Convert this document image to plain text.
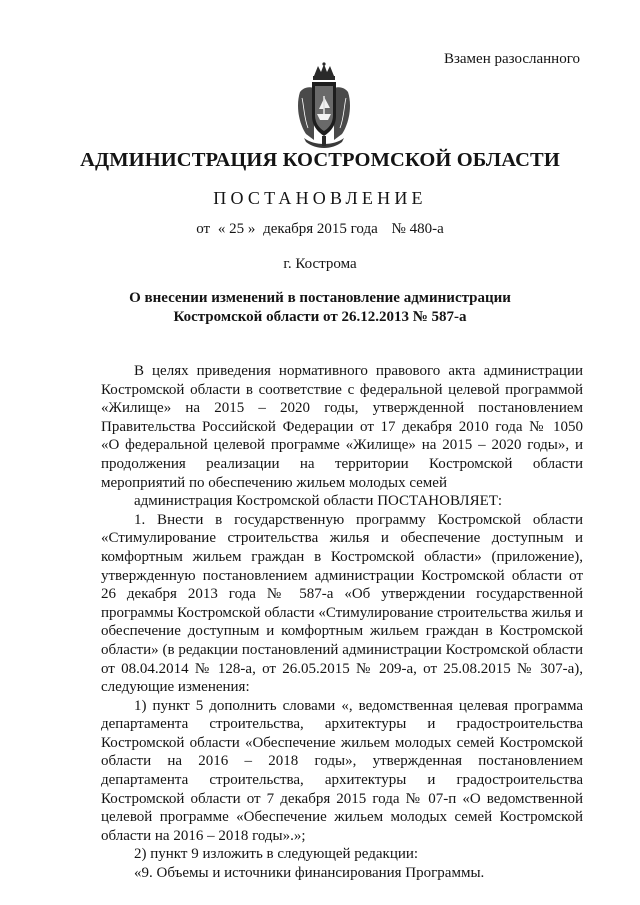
Взамен разосланного
АДМИНИСТРАЦИЯ КОСТРОМСКОЙ ОБЛАСТИ
ПОСТАНОВЛЕНИЕ
от « 25 » декабря 2015 года № 480-а
г. Кострома
О внесении изменений в постановление администрации
Костромской области от 26.12.2013 № 587-а

В целях приведения нормативного правового акта администрации
Костромской области в соответствие с федеральной целевой программой
«Жилище» на 2015 – 2020 годы, утвержденной постановлением
Правительства Российской Федерации от 17 декабря 2010 года № 1050
«О федеральной целевой программе «Жилище» на 2015 – 2020 годы», и
продолжения реализации на территории Костромской области
мероприятий по обеспечению жильем молодых семей

администрация Костромской области ПОСТАНОВЛЯЕТ:

1. Внести в государственную программу Костромской области
«Стимулирование строительства жилья и обеспечение доступным и
комфортным жильем граждан в Костромской области» (приложение),
утвержденную постановлением администрации Костромской области от
26 декабря 2013 года № 587-а «Об утверждении государственной
программы Костромской области «Стимулирование строительства жилья и
обеспечение доступным и комфортным жильем граждан в Костромской
области» (в редакции постановлений администрации Костромской области
от 08.04.2014 № 128-а, от 26.05.2015 № 209-а, от 25.08.2015 № 307-а),
следующие изменения:

1) пункт 5 дополнить словами «, ведомственная целевая программа
департамента строительства, архитектуры и градостроительства
Костромской области «Обеспечение жильем молодых семей Костромской
области на 2016 – 2018 годы», утвержденная постановлением
департамента строительства, архитектуры и градостроительства
Костромской области от 7 декабря 2015 года № 07-п «О ведомственной
целевой программе «Обеспечение жильем молодых семей Костромской
области на 2016 – 2018 годы».»;

2) пункт 9 изложить в следующей редакции:

«9. Объемы и источники финансирования Программы.
